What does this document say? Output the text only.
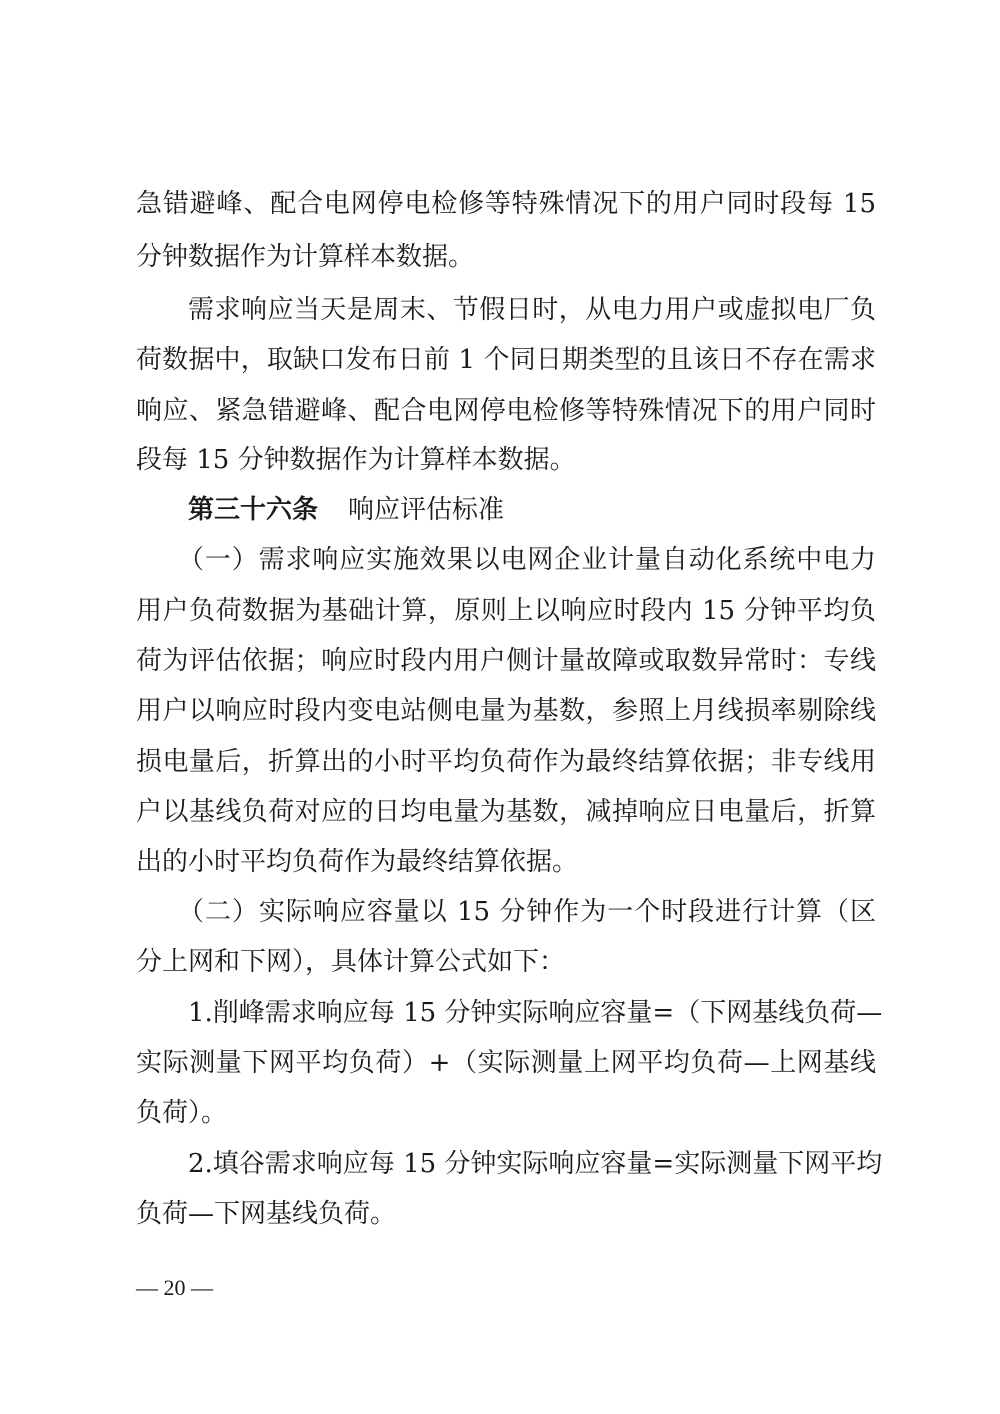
急错避峰、配合电网停电检修等特殊情况下的用户同时段每 15
分钟数据作为计算样本数据。
需求响应当天是周末、节假日时，从电力用户或虚拟电厂负
荷数据中，取缺口发布日前 1 个同日期类型的且该日不存在需求
响应、紧急错避峰、配合电网停电检修等特殊情况下的用户同时
段每 15 分钟数据作为计算样本数据。
第三十六条 响应评估标准
（一）需求响应实施效果以电网企业计量自动化系统中电力
用户负荷数据为基础计算，原则上以响应时段内 15 分钟平均负
荷为评估依据；响应时段内用户侧计量故障或取数异常时：专线
用户以响应时段内变电站侧电量为基数，参照上月线损率剔除线
损电量后，折算出的小时平均负荷作为最终结算依据；非专线用
户以基线负荷对应的日均电量为基数，减掉响应日电量后，折算
出的小时平均负荷作为最终结算依据。
（二）实际响应容量以 15 分钟作为一个时段进行计算（区
分上网和下网），具体计算公式如下：
1.削峰需求响应每 15 分钟实际响应容量=（下网基线负荷—
实际测量下网平均负荷）+（实际测量上网平均负荷—上网基线
负荷）。
2.填谷需求响应每 15 分钟实际响应容量=实际测量下网平均
负荷—下网基线负荷。
— 20 —
